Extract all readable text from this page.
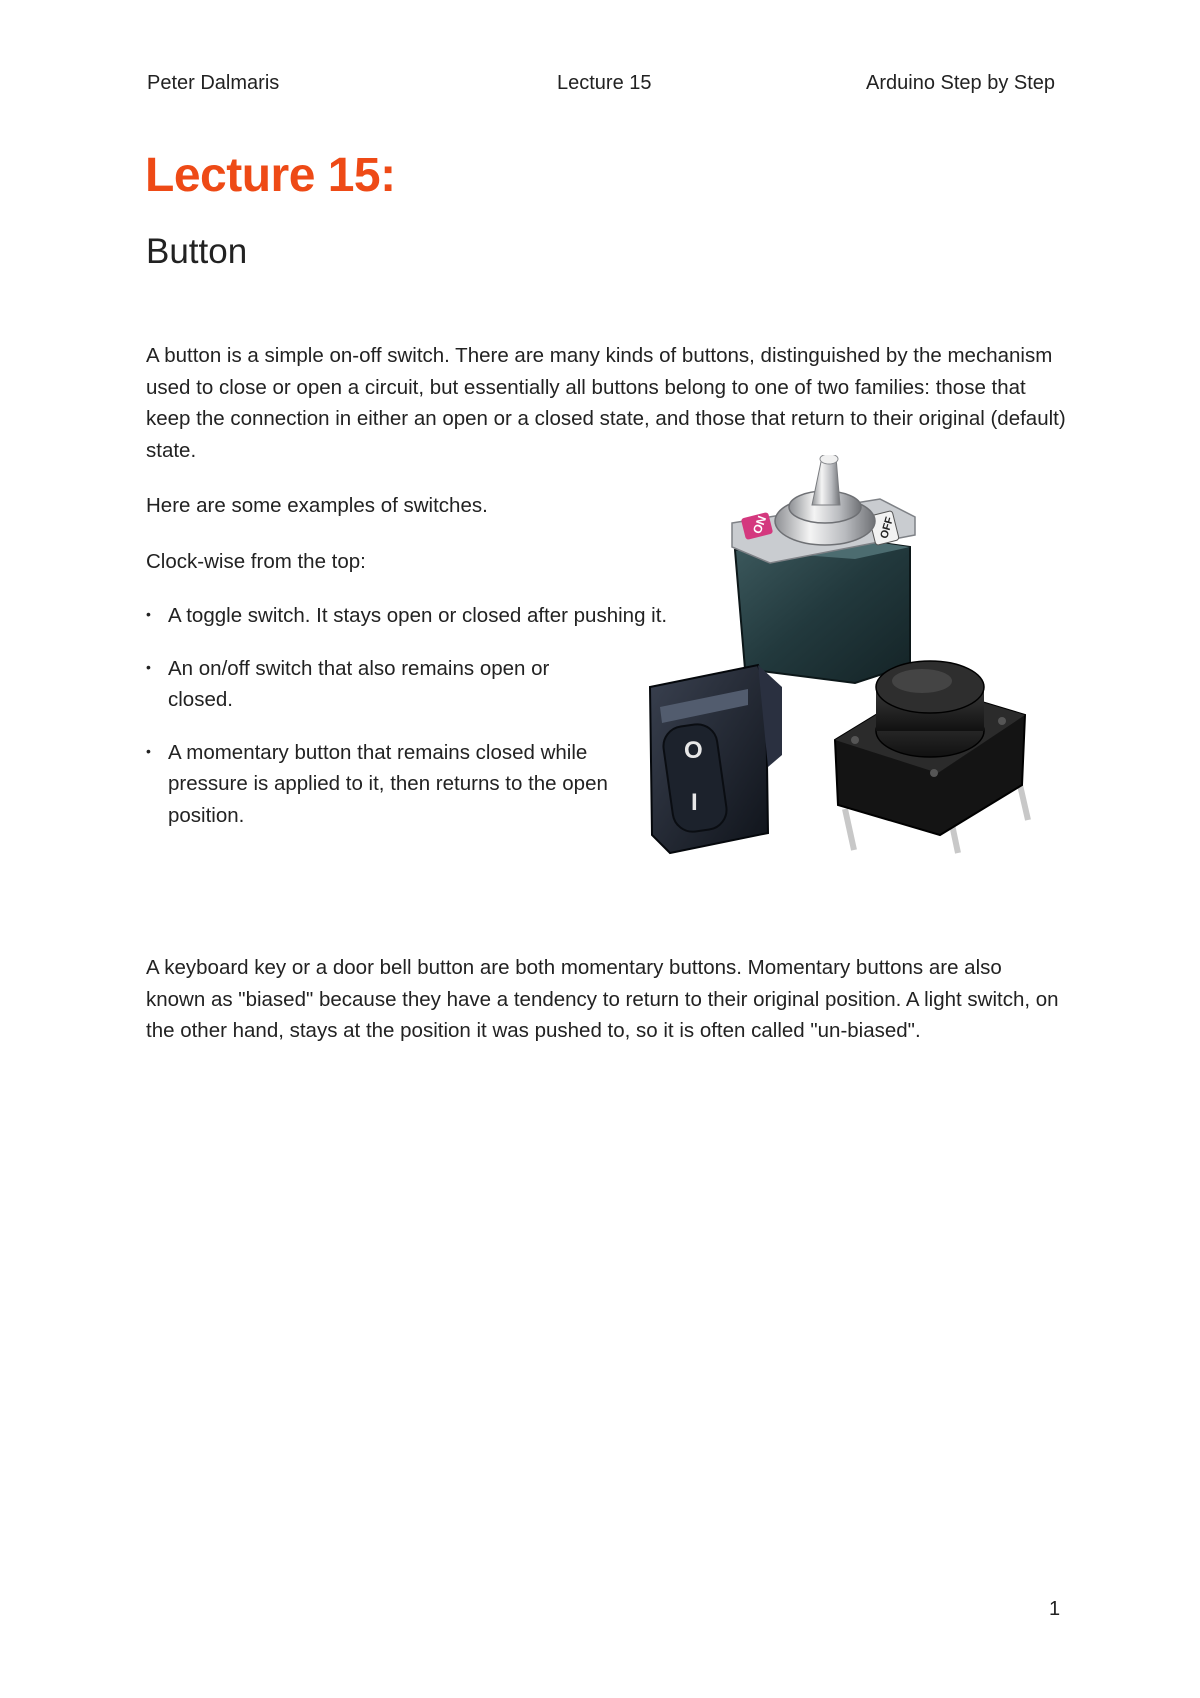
Peter Dalmaris	Lecture 15	Arduino Step by Step
Lecture 15:
Button

A button is a simple on-off switch. There are many kinds of buttons, distinguished by the mechanism used to close or open a circuit, but essentially all buttons belong to one of two families: those that keep the connection in either an open or a closed state, and those that return to their original (default) state.

Here are some examples of switches.

Clock-wise from the top:

• A toggle switch. It stays open or closed after pushing it.
• An on/off switch that also remains open or closed.
• A momentary button that remains closed while pressure is applied to it, then returns to the open position.
ON	OFF
O
I

A keyboard key or a door bell button are both momentary buttons. Momentary buttons are also known as "biased" because they have a tendency to return to their original position. A light switch, on the other hand, stays at the position it was pushed to, so it is often called "un-biased".

1
